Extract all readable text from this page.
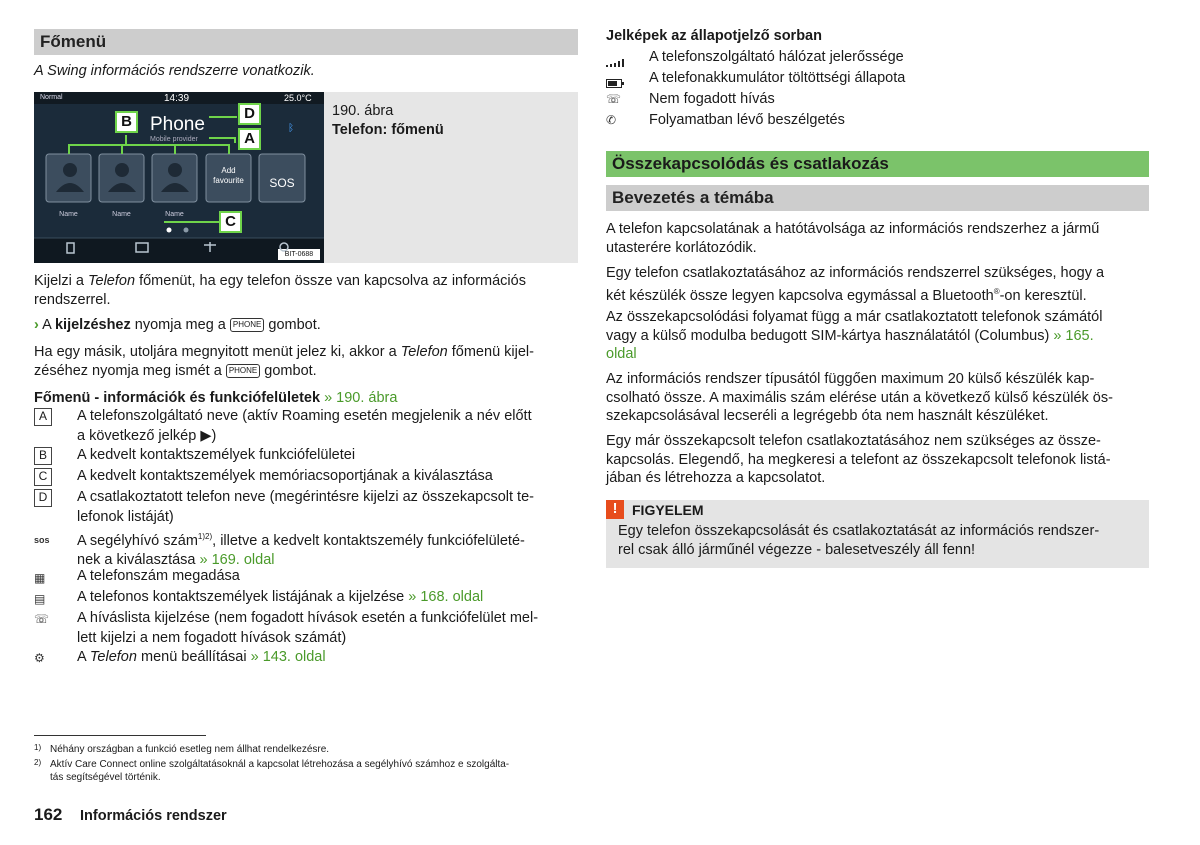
Főmenü
A Swing információs rendszerre vonatkozik.
Normal	14:39	25.0°C
Phone
Mobile provider
ᛒ
Add favourite	SOS
Name	Name	Name
B	D
A
C
BIT-0688
190. ábra
Telefon: főmenü
Kijelzi a Telefon főmenüt, ha egy telefon össze van kapcsolva az információs rendszerrel.
› A kijelzéshez nyomja meg a PHONE gombot.
Ha egy másik, utoljára megnyitott menüt jelez ki, akkor a Telefon főmenü kijel-
zéséhez nyomja meg ismét a PHONE gombot.
Főmenü - információk és funkciófelületek » 190. ábra
A	A telefonszolgáltató neve (aktív Roaming esetén megjelenik a név előtt
a következő jelkép ▶)
B	A kedvelt kontaktszemélyek funkciófelületei
C	A kedvelt kontaktszemélyek memóriacsoportjának a kiválasztása
D	A csatlakoztatott telefon neve (megérintésre kijelzi az összekapcsolt te-
lefonok listáját)
sos A segélyhívó szám$^{1)2)}$, illetve a kedvelt kontaktszemély funkciófelületé-
nek a kiválasztása » 169. oldal
▦ A telefonszám megadása
▤ A telefonos kontaktszemélyek listájának a kijelzése » 168. oldal
☏ A híváslista kijelzése (nem fogadott hívások esetén a funkciófelület mel-
lett kijelzi a nem fogadott hívások számát)
⚙ A Telefon menü beállításai » 143. oldal
1) Néhány országban a funkció esetleg nem állhat rendelkezésre.
2) Aktív Care Connect online szolgáltatásoknál a kapcsolat létrehozása a segélyhívó számhoz e szolgálta-
tás segítségével történik.
162 Információs rendszer
Jelképek az állapotjelző sorban
A telefonszolgáltató hálózat jelerőssége
A telefonakkumulátor töltöttségi állapota
☏	Nem fogadott hívás
✆	Folyamatban lévő beszélgetés
Összekapcsolódás és csatlakozás
Bevezetés a témába
A telefon kapcsolatának a hatótávolsága az információs rendszerhez a jármű
utasterére korlátozódik.
Egy telefon csatlakoztatásához az információs rendszerrel szükséges, hogy a
két készülék össze legyen kapcsolva egymással a Bluetooth®-on keresztül.
Az összekapcsolódási folyamat függ a már csatlakoztatott telefonok számától
vagy a külső modulba bedugott SIM-kártya használatától (Columbus) » 165.
oldal
Az információs rendszer típusától függően maximum 20 külső készülék kap-
csolható össze. A maximális szám elérése után a következő külső készülék ös-
szekapcsolásával lecseréli a legrégebb óta nem használt készüléket.
Egy már összekapcsolt telefon csatlakoztatásához nem szükséges az össze-
kapcsolás. Elegendő, ha megkeresi a telefont az összekapcsolt telefonok listá-
jában és létrehozza a kapcsolatot.
!	FIGYELEM
Egy telefon összekapcsolását és csatlakoztatását az információs rendszer-
rel csak álló járműnél végezze - balesetveszély áll fenn!
